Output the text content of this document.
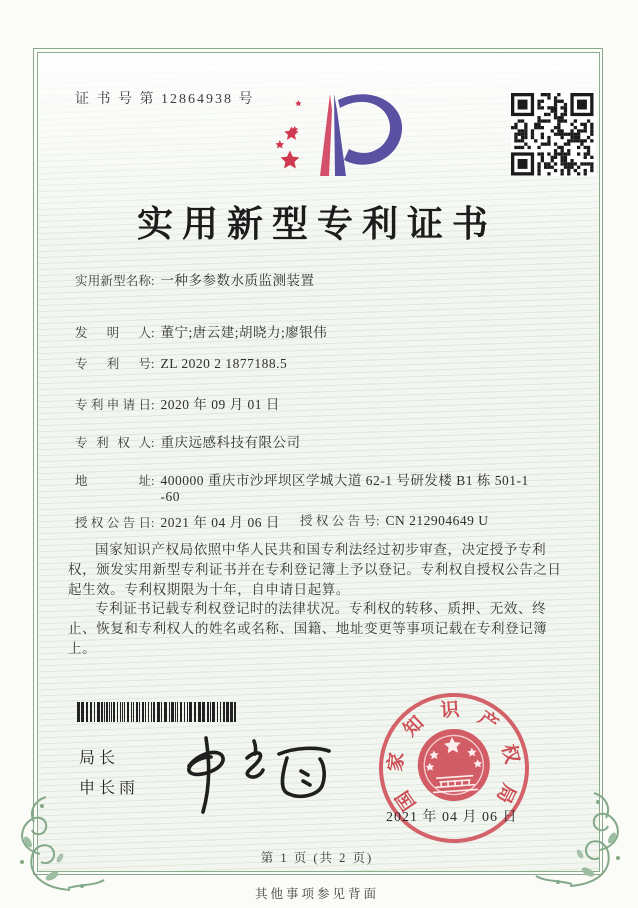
证 书 号 第 12864938 号
实用新型专利证书
实用新型名称 : 一种多参数水质监测装置
发明人 : 董宁;唐云建;胡晓力;廖银伟
专利号 : ZL 2020 2 1877188.5
专利申请日 : 2020 年 09 月 01 日
专利权人 : 重庆远感科技有限公司
地址 : 400000 重庆市沙坪坝区学城大道 62-1 号研发楼 B1 栋 501-1
-60
授权公告日 : 2021 年 04 月 06 日 授权公告号 : CN 212904649 U

国家知识产权局依照中华人民共和国专利法经过初步审查，决定授予专利权，颁发实用新型专利证书并在专利登记簿上予以登记。专利权自授权公告之日起生效。专利权期限为十年，自申请日起算。

专利证书记载专利权登记时的法律状况。专利权的转移、质押、无效、终止、恢复和专利权人的姓名或名称、国籍、地址变更等事项记载在专利登记簿上。

局长
申长雨	国
家
知
识 产
权
局
2021 年 04 月 06 日
第 1 页 (共 2 页)
其他事项参见背面
